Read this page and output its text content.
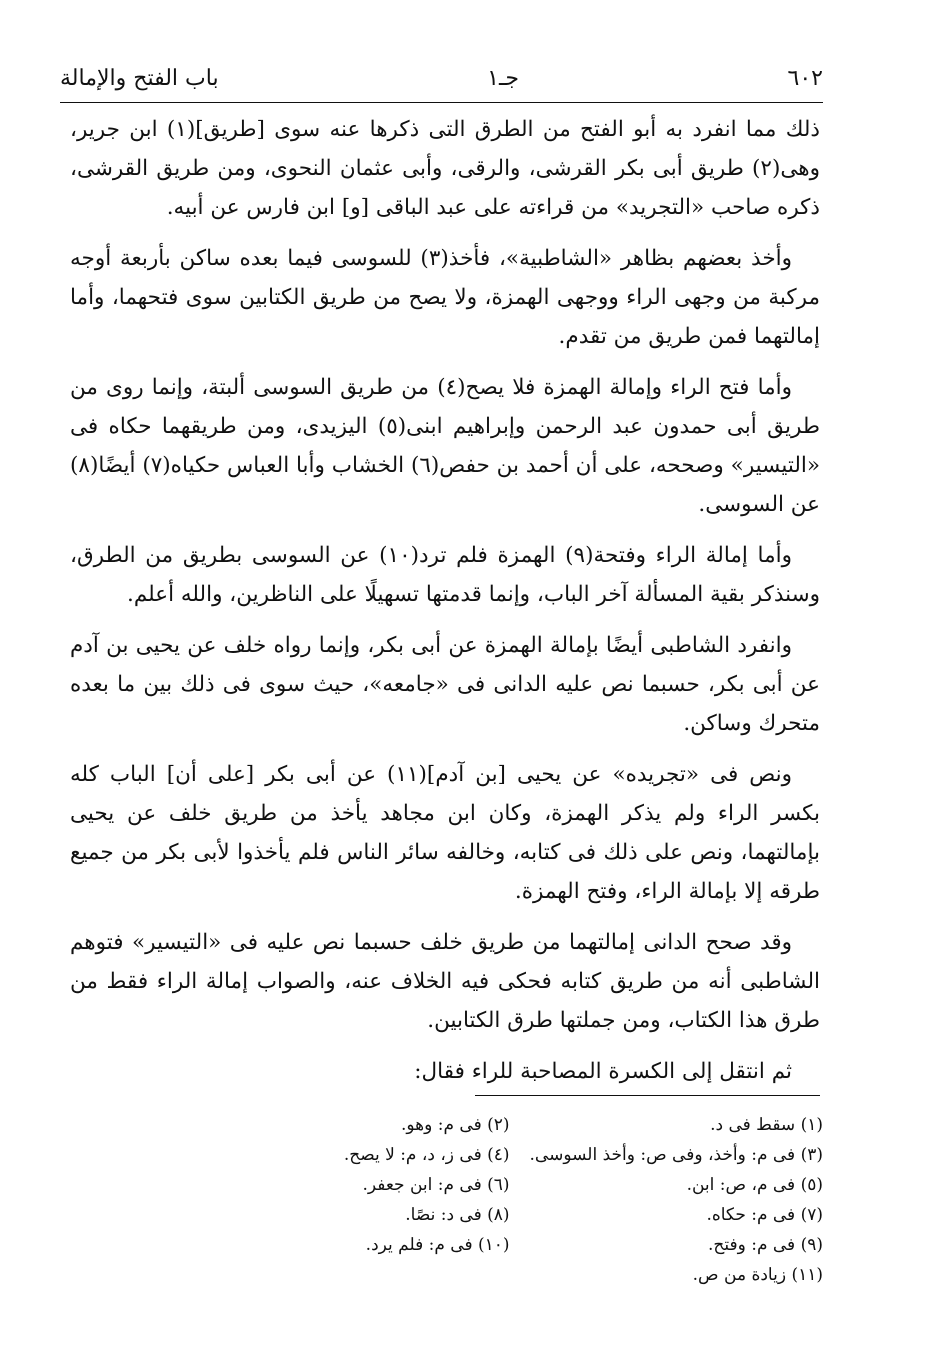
٦٠٢
جـ١
باب الفتح والإمالة

ذلك مما انفرد به أبو الفتح من الطرق التى ذكرها عنه سوى [طريق](١) ابن جرير، وهى(٢) طريق أبى بكر القرشى، والرقى، وأبى عثمان النحوى، ومن طريق القرشى، ذكره صاحب «التجريد» من قراءته على عبد الباقى [و] ابن فارس عن أبيه.

وأخذ بعضهم بظاهر «الشاطبية»، فأخذ(٣) للسوسى فيما بعده ساكن بأربعة أوجه مركبة من وجهى الراء ووجهى الهمزة، ولا يصح من طريق الكتابين سوى فتحهما، وأما إمالتهما فمن طريق من تقدم.

وأما فتح الراء وإمالة الهمزة فلا يصح(٤) من طريق السوسى ألبتة، وإنما روى من طريق أبى حمدون عبد الرحمن وإبراهيم ابنى(٥) اليزيدى، ومن طريقهما حكاه فى «التيسير» وصححه، على أن أحمد بن حفص(٦) الخشاب وأبا العباس حكياه(٧) أيضًا(٨) عن السوسى.

وأما إمالة الراء وفتحة(٩) الهمزة فلم ترد(١٠) عن السوسى بطريق من الطرق، وسنذكر بقية المسألة آخر الباب، وإنما قدمتها تسهيلًا على الناظرين، والله أعلم.

وانفرد الشاطبى أيضًا بإمالة الهمزة عن أبى بكر، وإنما رواه خلف عن يحيى بن آدم عن أبى بكر، حسبما نص عليه الدانى فى «جامعه»، حيث سوى فى ذلك بين ما بعده متحرك وساكن.

ونص فى «تجريده» عن يحيى [بن آدم](١١) عن أبى بكر [على أن] الباب كله بكسر الراء ولم يذكر الهمزة، وكان ابن مجاهد يأخذ من طريق خلف عن يحيى بإمالتهما، ونص على ذلك فى كتابه، وخالفه سائر الناس فلم يأخذوا لأبى بكر من جميع طرقه إلا بإمالة الراء، وفتح الهمزة.

وقد صحح الدانى إمالتهما من طريق خلف حسبما نص عليه فى «التيسير» فتوهم الشاطبى أنه من طريق كتابه فحكى فيه الخلاف عنه، والصواب إمالة الراء فقط من طرق هذا الكتاب، ومن جملتها طرق الكتابين.

ثم انتقل إلى الكسرة المصاحبة للراء فقال:

(١) سقط فى د.
(٢) فى م: وهو.
(٣) فى م: وأخذ، وفى ص: وأخذ السوسى.
(٤) فى ز، د، م: لا يصح.
(٥) فى م، ص: ابن.
(٦) فى م: ابن جعفر.
(٧) فى م: حكاه.
(٨) فى د: نصًا.
(٩) فى م: وفتح.
(١٠) فى م: فلم يرد.
(١١) زيادة من ص.
